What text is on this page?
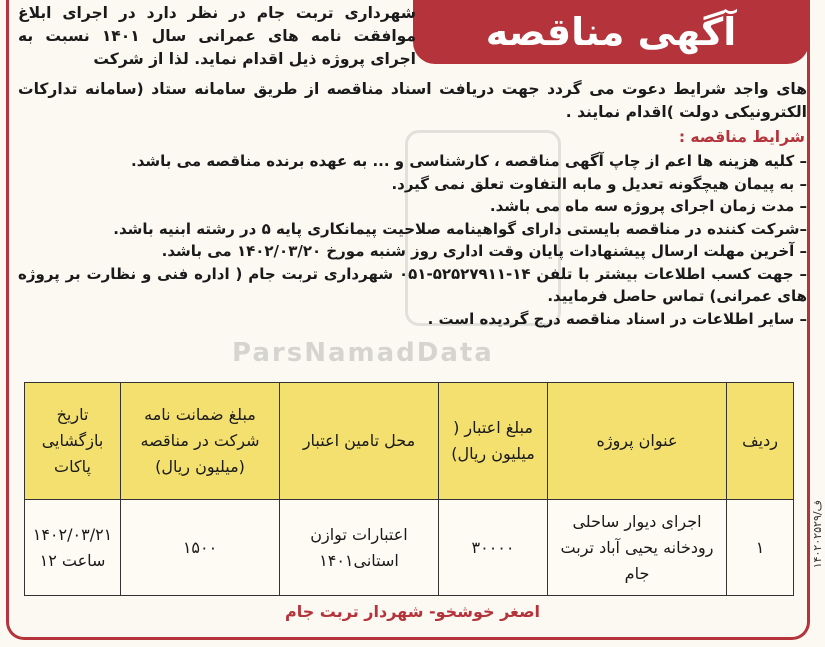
آگهی مناقصه
شهرداری تربت جام در نظر دارد در اجرای ابلاغ موافقت نامه های عمرانی سال ۱۴۰۱ نسبت به اجرای پروژه ذیل اقدام نماید. لذا از شرکت
های واجد شرایط دعوت می گردد جهت دریافت اسناد مناقصه از طریق سامانه ستاد (سامانه تدارکات الکترونیکی دولت )اقدام نمایند .
شرایط مناقصه :
– کلیه هزینه ها اعم از چاپ آگهی مناقصه ، کارشناسی و ... به عهده برنده مناقصه می باشد.
– به پیمان هیچگونه تعدیل و مابه التفاوت تعلق نمی گیرد.
– مدت زمان اجرای پروژه سه ماه می باشد.
–شرکت کننده در مناقصه بایستی دارای گواهینامه صلاحیت پیمانکاری پایه ۵ در رشته ابنیه باشد.
– آخرین مهلت ارسال پیشنهادات پایان وقت اداری روز شنبه مورخ ۱۴۰۲/۰۳/۲۰ می باشد.
– جهت کسب اطلاعات بیشتر با تلفن ۱۴-۵۲۵۲۷۹۱۱-۰۵۱ شهرداری تربت جام ( اداره فنی و نظارت بر پروژه های عمرانی) تماس حاصل فرمایید.
– سایر اطلاعات در اسناد مناقصه درج گردیده است .
ParsNamadData
ردیف	عنوان پروژه	مبلغ اعتبار ( میلیون ریال)	محل تامین اعتبار	مبلغ ضمانت نامه شرکت در مناقصه (میلیون ریال)	تاریخ بازگشایی پاکات
۱	اجرای دیوار ساحلی رودخانه یحیی آباد تربت جام	۳۰۰۰۰	اعتبارات توازن استانی۱۴۰۱	۱۵۰۰	۱۴۰۲/۰۳/۲۱ ساعت ۱۲
اصغر خوشخو- شهردار تربت جام
۱۴۰۲۰۲۵۲۹/ف
